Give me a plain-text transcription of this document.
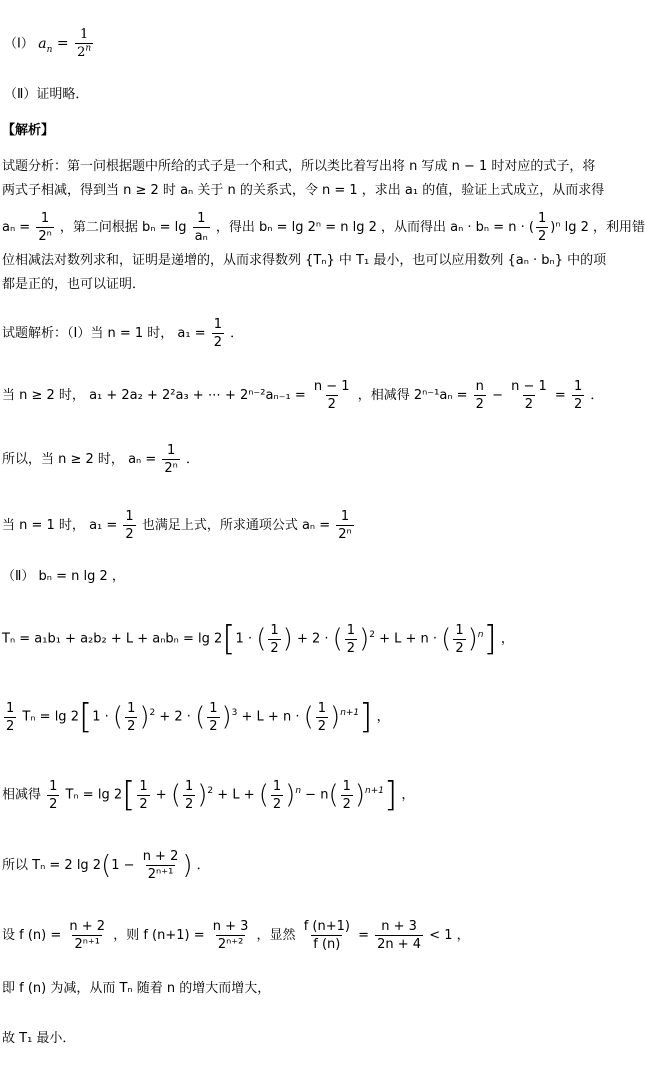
（Ⅰ） $a_n = \frac{1}{2^n}$
（Ⅱ）证明略．
【解析】
试题分析：第一问根据题中所给的式子是一个和式，所以类比着写出将 n 写成 n − 1 时对应的式子，将
两式子相减，得到当 n ≥ 2 时 aₙ 关于 n 的关系式，令 n = 1 ，求出 a₁ 的值，验证上式成立，从而求得
$a_n = \frac{1}{\text{2ⁿ}}$ ，第二问根据 $b_n = \lg \frac{1}{\text{aₙ}}$ ，得出 bₙ = lg 2ⁿ = n lg 2 ，从而得出 aₙ · bₙ = n · ( $\frac{1}{2} )^n$ lg 2 ，利用错
位相减法对数列求和，证明是递增的，从而求得数列 {Tₙ} 中 T₁ 最小，也可以应用数列 {aₙ · bₙ} 中的项
都是正的，也可以证明．
试题解析：（Ⅰ）当 n = 1 时， $a_1 = \frac{1}{2}$ ．
当 n ≥ 2 时， a₁ + 2a₂ + 2²a₃ + ⋯ + $2^{n-2}a_{n-1} = \frac{n - 1}{2}$ ，相减得 $2^{n-1}a_n = \frac{n}{2} - \frac{n - 1}{2} = \frac{1}{2}$ ．
所以，当 n ≥ 2 时， $a_n = \frac{1}{\text{2ⁿ}}$ ．
当 n = 1 时， $a_1 = \frac{1}{2}$ 也满足上式，所求通项公式 $a_n = \frac{1}{\text{2ⁿ}}$
（Ⅱ） bₙ = n lg 2 ，
Tₙ = a₁b₁ + a₂b₂ + L + aₙbₙ = lg 2[1 · ( $\frac{1}{2}$ ) + 2 · ( $\frac{1}{2} )^2 + L + n$ · ( $\frac{1}{2} )^n$] ，
$\frac{1}{2}$ Tₙ = lg 2[1 · ( $\frac{1}{2} )^2 + 2$ · ( $\frac{1}{2} )^3 + L + n$ · ( $\frac{1}{2} )^{n+1}$] ，
相减得 $\frac{1}{2}$ $T_n = \lg 2[ \frac{1}{2}$ + ( $\frac{1}{2} )^2 + L$ + ( $\frac{1}{2} )^n - n( \frac{1}{2} )^{n+1}$] ，
所以 Tₙ = 2 $\lg 2(1 - \frac{n + 2}{\text{2ⁿ⁺¹}}$ ) ．
设 f $(n) = \frac{n + 2}{\text{2ⁿ⁺¹}}$ ，则 f $(n+1) = \frac{n + 3}{\text{2ⁿ⁺²}}$ ，显然 $\frac{f (n+1)}{f (n)} = \frac{n + 3}{2n + 4} < 1$ ，
即 f (n) 为减，从而 Tₙ 随着 n 的增大而增大，
故 T₁ 最小．
